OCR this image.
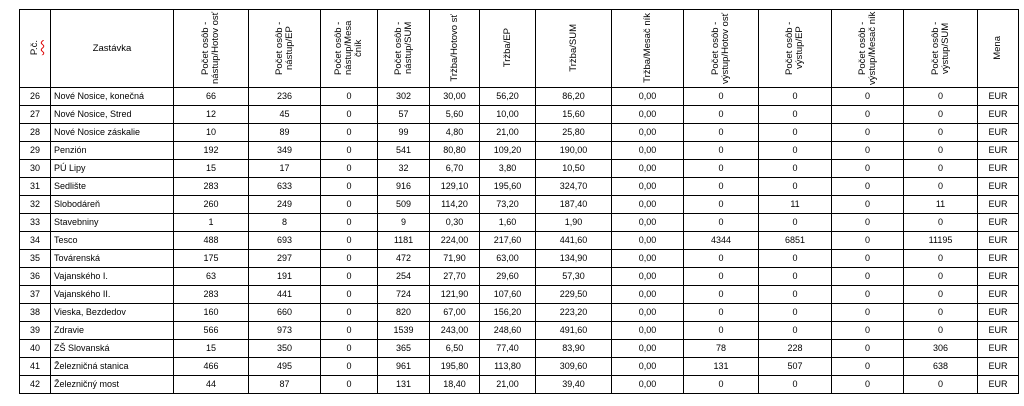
P.č.	Zastávka	Počet osôb - nástup/Hotov osť	Počet osôb - nástup/EP	Počet osôb - nástup/Mesa čník	Počet osôb - nástup/SUM	Tržba/Hotovo sť	Tržba/EP	Tržba/SUM	Tržba/Mesač ník	Počet osôb - výstup/Hotov osť	Počet osôb - výstup/EP	Počet osôb - výstup/Mesač ník	Počet osôb - výstup/SUM	Mena
26	Nové Nosice, konečná	66	236	0	302	30,00	56,20	86,20	0,00	0	0	0	0	EUR
27	Nové Nosice, Stred	12	45	0	57	5,60	10,00	15,60	0,00	0	0	0	0	EUR
28	Nové Nosice záskalie	10	89	0	99	4,80	21,00	25,80	0,00	0	0	0	0	EUR
29	Penzión	192	349	0	541	80,80	109,20	190,00	0,00	0	0	0	0	EUR
30	PÚ Lipy	15	17	0	32	6,70	3,80	10,50	0,00	0	0	0	0	EUR
31	Sedlište	283	633	0	916	129,10	195,60	324,70	0,00	0	0	0	0	EUR
32	Slobodáreň	260	249	0	509	114,20	73,20	187,40	0,00	0	11	0	11	EUR
33	Stavebniny	1	8	0	9	0,30	1,60	1,90	0,00	0	0	0	0	EUR
34	Tesco	488	693	0	1181	224,00	217,60	441,60	0,00	4344	6851	0	11195	EUR
35	Továrenská	175	297	0	472	71,90	63,00	134,90	0,00	0	0	0	0	EUR
36	Vajanského I.	63	191	0	254	27,70	29,60	57,30	0,00	0	0	0	0	EUR
37	Vajanského II.	283	441	0	724	121,90	107,60	229,50	0,00	0	0	0	0	EUR
38	Vieska, Bezdedov	160	660	0	820	67,00	156,20	223,20	0,00	0	0	0	0	EUR
39	Zdravie	566	973	0	1539	243,00	248,60	491,60	0,00	0	0	0	0	EUR
40	ZŠ Slovanská	15	350	0	365	6,50	77,40	83,90	0,00	78	228	0	306	EUR
41	Železničná stanica	466	495	0	961	195,80	113,80	309,60	0,00	131	507	0	638	EUR
42	Železničný most	44	87	0	131	18,40	21,00	39,40	0,00	0	0	0	0	EUR
